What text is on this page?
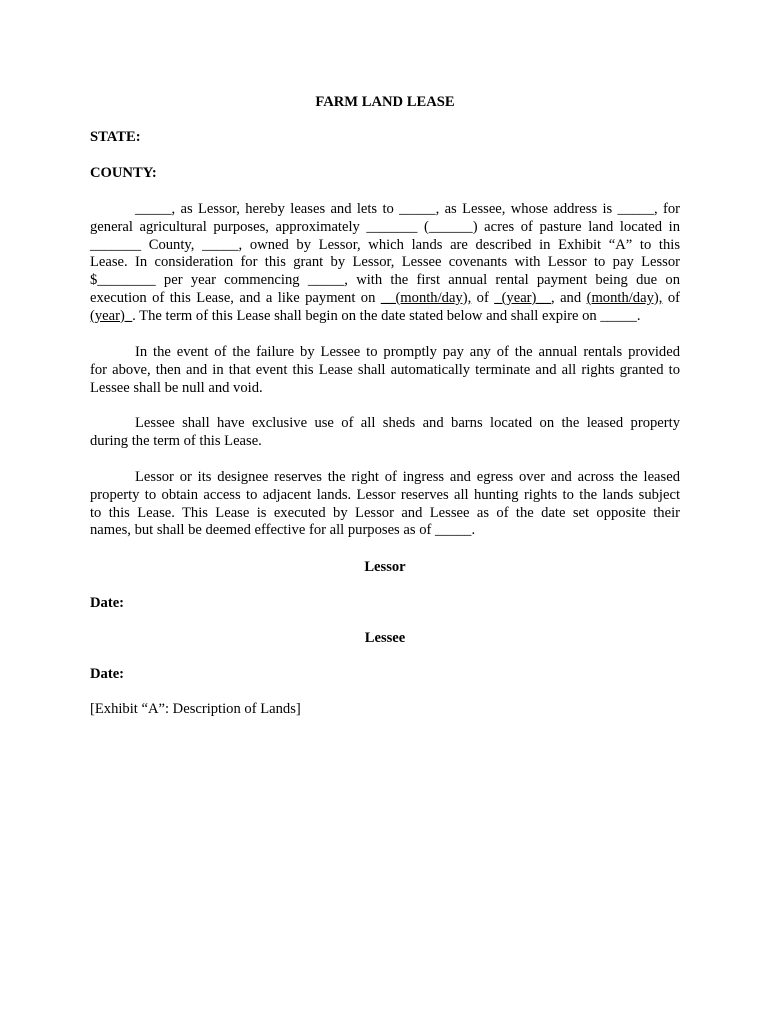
FARM LAND LEASE
STATE:
COUNTY:
_____, as Lessor, hereby leases and lets to _____, as Lessee, whose address is _____, for
general agricultural purposes, approximately _______ (______) acres of pasture land located in
_______ County, _____, owned by Lessor, which lands are described in Exhibit “A” to this
Lease. In consideration for this grant by Lessor, Lessee covenants with Lessor to pay Lessor
$________ per year commencing _____, with the first annual rental payment being due on
execution of this Lease, and a like payment on __(month/day), of _(year)__, and (month/day), of
(year)_. The term of this Lease shall begin on the date stated below and shall expire on _____.
In the event of the failure by Lessee to promptly pay any of the annual rentals provided
for above, then and in that event this Lease shall automatically terminate and all rights granted to
Lessee shall be null and void.
Lessee shall have exclusive use of all sheds and barns located on the leased property
during the term of this Lease.
Lessor or its designee reserves the right of ingress and egress over and across the leased
property to obtain access to adjacent lands. Lessor reserves all hunting rights to the lands subject
to this Lease. This Lease is executed by Lessor and Lessee as of the date set opposite their
names, but shall be deemed effective for all purposes as of _____.
Lessor
Date:
Lessee
Date:
[Exhibit “A”: Description of Lands]
